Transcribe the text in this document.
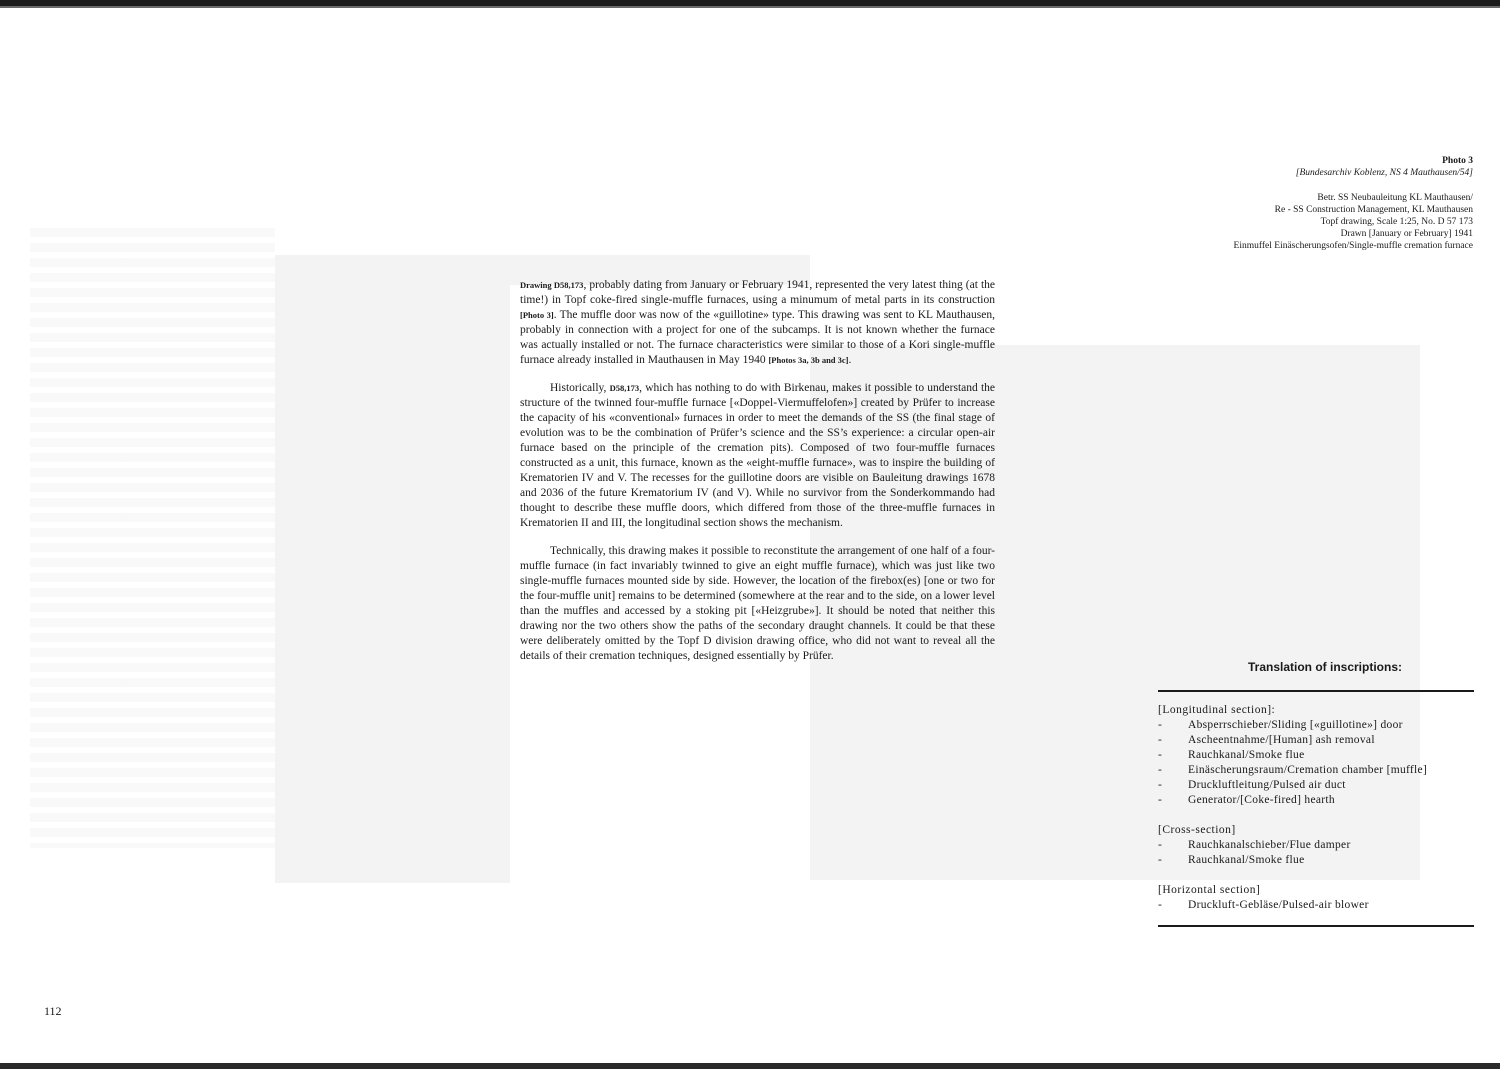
Photo 3
[Bundesarchiv Koblenz, NS 4 Mauthausen/54]
Betr. SS Neubauleitung KL Mauthausen/
Re - SS Construction Management, KL Mauthausen
Topf drawing, Scale 1:25, No. D 57 173
Drawn [January or February] 1941
Einmuffel Einäscherungsofen/Single-muffle cremation furnace

Drawing D58,173, probably dating from January or February 1941, represented the very latest thing (at the time!) in Topf coke-fired single-muffle furnaces, using a minumum of metal parts in its construction [Photo 3]. The muffle door was now of the «guillotine» type. This drawing was sent to KL Mauthausen, probably in connection with a project for one of the subcamps. It is not known whether the furnace was actually installed or not. The furnace characteristics were similar to those of a Kori single-muffle furnace already installed in Mauthausen in May 1940 [Photos 3a, 3b and 3c].

Historically, D58,173, which has nothing to do with Birkenau, makes it possible to understand the structure of the twinned four-muffle furnace [«Doppel-Viermuffelofen»] created by Prüfer to increase the capacity of his «conventional» furnaces in order to meet the demands of the SS (the final stage of evolution was to be the combination of Prüfer’s science and the SS’s experience: a circular open-air furnace based on the principle of the cremation pits). Composed of two four-muffle furnaces constructed as a unit, this furnace, known as the «eight-muffle furnace», was to inspire the building of Krematorien IV and V. The recesses for the guillotine doors are visible on Bauleitung drawings 1678 and 2036 of the future Krematorium IV (and V). While no survivor from the Sonderkommando had thought to describe these muffle doors, which differed from those of the three-muffle furnaces in Krematorien II and III, the longitudinal section shows the mechanism.

Technically, this drawing makes it possible to reconstitute the arrangement of one half of a four-muffle furnace (in fact invariably twinned to give an eight muffle furnace), which was just like two single-muffle furnaces mounted side by side. However, the location of the firebox(es) [one or two for the four-muffle unit] remains to be determined (somewhere at the rear and to the side, on a lower level than the muffles and accessed by a stoking pit [«Heizgrube»]. It should be noted that neither this drawing nor the two others show the paths of the secondary draught channels. It could be that these were deliberately omitted by the Topf D division drawing office, who did not want to reveal all the details of their cremation techniques, designed essentially by Prüfer.

Translation of inscriptions:
[Longitudinal section]:
-	Absperrschieber/Sliding [«guillotine»] door
-	Ascheentnahme/[Human] ash removal
-	Rauchkanal/Smoke flue
-	Einäscherungsraum/Cremation chamber [muffle]
-	Druckluftleitung/Pulsed air duct
-	Generator/[Coke-fired] hearth
[Cross-section]
-	Rauchkanalschieber/Flue damper
-	Rauchkanal/Smoke flue
[Horizontal section]
-	Druckluft-Gebläse/Pulsed-air blower
112
